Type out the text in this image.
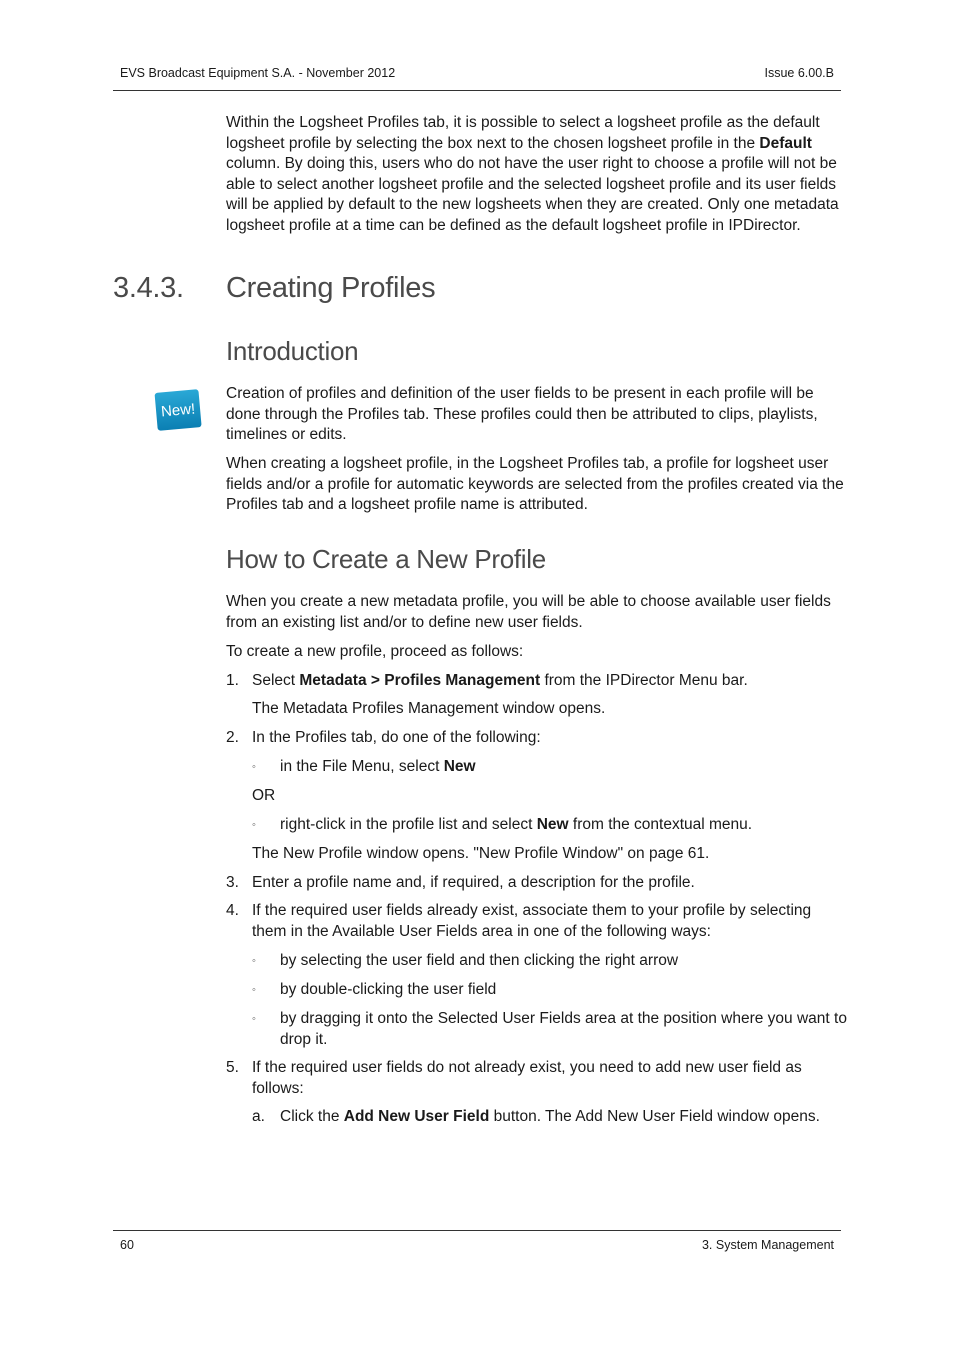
EVS Broadcast Equipment S.A. - November 2012	Issue 6.00.B

Within the Logsheet Profiles tab, it is possible to select a logsheet profile as the default
logsheet profile by selecting the box next to the chosen logsheet profile in the Default
column. By doing this, users who do not have the user right to choose a profile will not be
able to select another logsheet profile and the selected logsheet profile and its user fields
will be applied by default to the new logsheets when they are created. Only one metadata
logsheet profile at a time can be defined as the default logsheet profile in IPDirector.

3.4.3. Creating Profiles
Introduction
New!

Creation of profiles and definition of the user fields to be present in each profile will be
done through the Profiles tab. These profiles could then be attributed to clips, playlists,
timelines or edits.

When creating a logsheet profile, in the Logsheet Profiles tab, a profile for logsheet user
fields and/or a profile for automatic keywords are selected from the profiles created via the
Profiles tab and a logsheet profile name is attributed.

How to Create a New Profile

When you create a new metadata profile, you will be able to choose available user fields
from an existing list and/or to define new user fields.

To create a new profile, proceed as follows:
1. Select Metadata > Profiles Management from the IPDirector Menu bar.
The Metadata Profiles Management window opens.
2. In the Profiles tab, do one of the following:
◦ in the File Menu, select New
OR
◦ right-click in the profile list and select New from the contextual menu.
The New Profile window opens. "New Profile Window" on page 61.
3. Enter a profile name and, if required, a description for the profile.
4. If the required user fields already exist, associate them to your profile by selecting
them in the Available User Fields area in one of the following ways:
◦ by selecting the user field and then clicking the right arrow
◦ by double-clicking the user field
◦ by dragging it onto the Selected User Fields area at the position where you want to
drop it.
5. If the required user fields do not already exist, you need to add new user field as
follows:
a. Click the Add New User Field button. The Add New User Field window opens.
60	3. System Management
